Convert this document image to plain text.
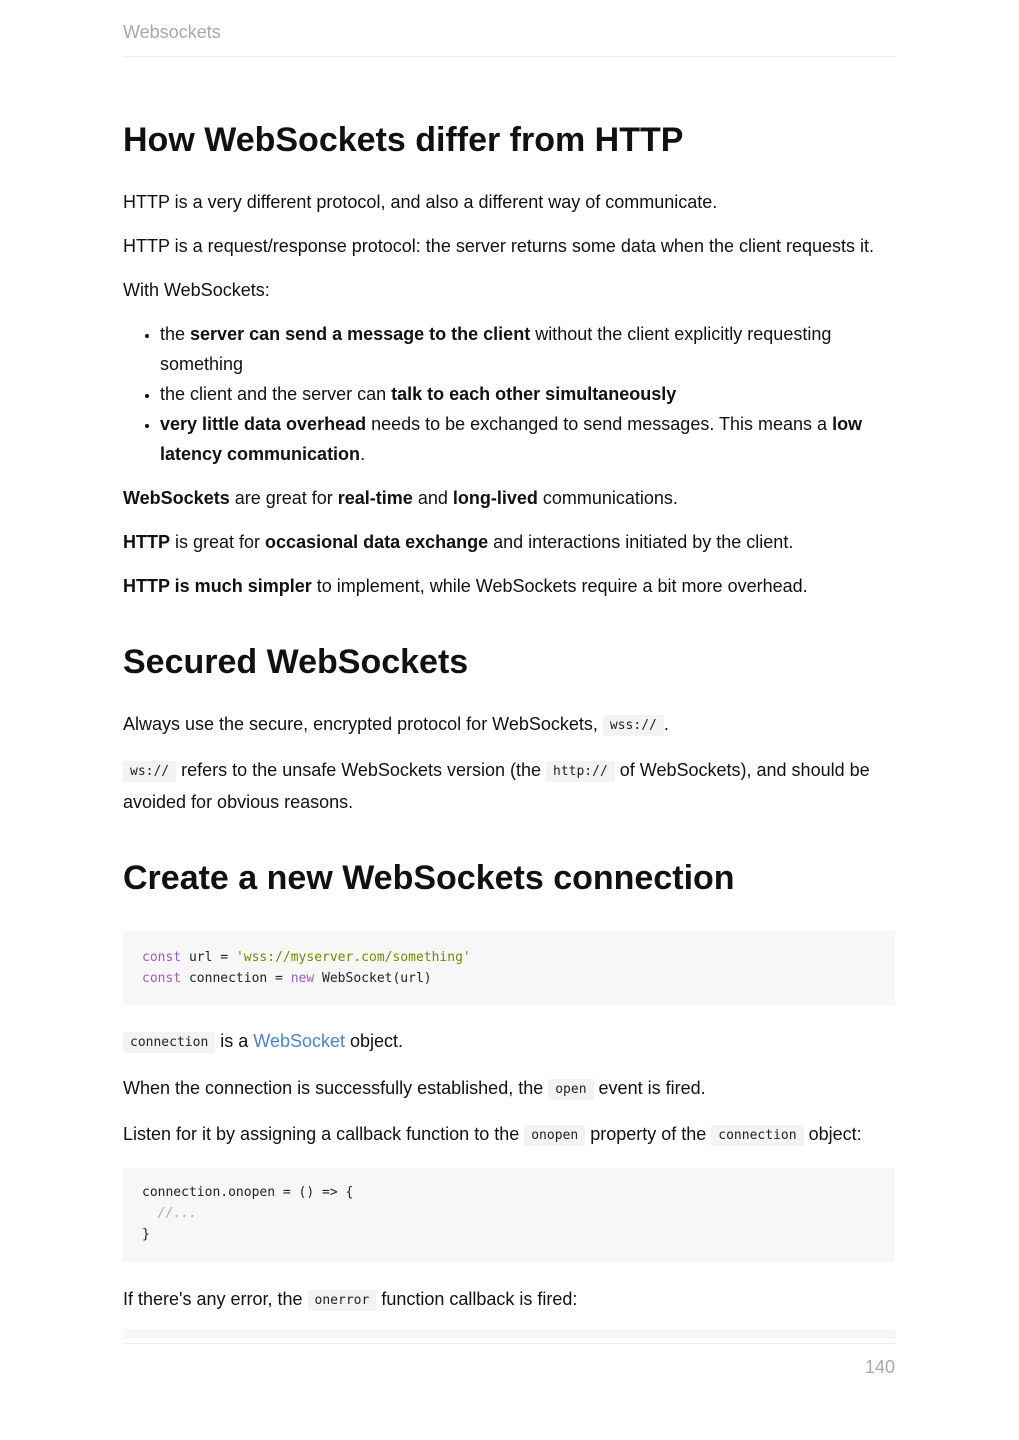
Websockets
How WebSockets differ from HTTP

HTTP is a very different protocol, and also a different way of communicate.

HTTP is a request/response protocol: the server returns some data when the client requests it.

With WebSockets:

• the server can send a message to the client without the client explicitly requesting something
• the client and the server can talk to each other simultaneously
• very little data overhead needs to be exchanged to send messages. This means a low latency communication.

WebSockets are great for real-time and long-lived communications.

HTTP is great for occasional data exchange and interactions initiated by the client.

HTTP is much simpler to implement, while WebSockets require a bit more overhead.

Secured WebSockets

Always use the secure, encrypted protocol for WebSockets, wss:// .

ws:// refers to the unsafe WebSockets version (the http:// of WebSockets), and should be avoided for obvious reasons.

Create a new WebSockets connection
const url = 'wss://myserver.com/something'
const connection = new WebSocket(url)

connection is a WebSocket object.

When the connection is successfully established, the open event is fired.

Listen for it by assigning a callback function to the onopen property of the connection object:

connection.onopen = () => {
//...
}

If there's any error, the onerror function callback is fired:

140
